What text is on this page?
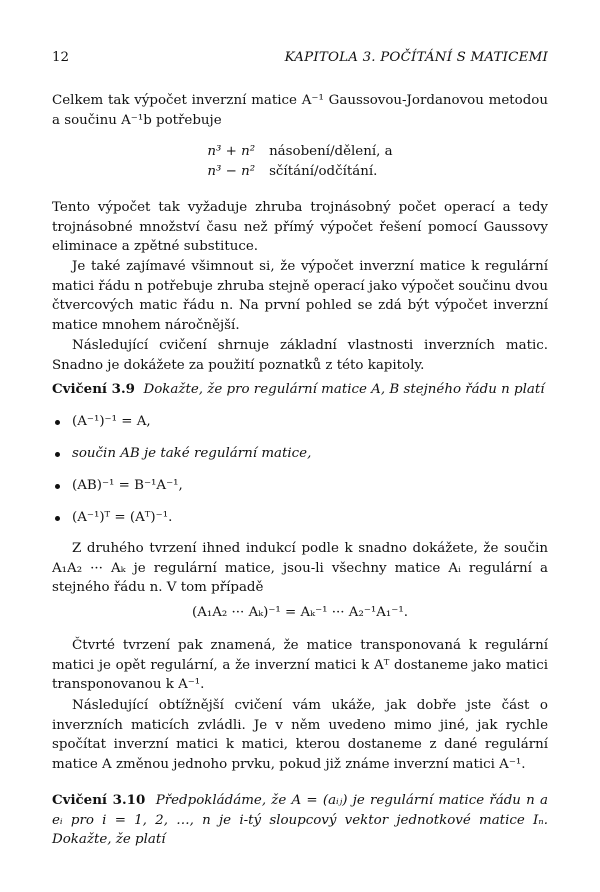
12	KAPITOLA 3. POČÍTÁNÍ S MATICEMI

Celkem tak výpočet inverzní matice A⁻¹ Gaussovou-Jordanovou metodou a součinu A⁻¹b potřebuje

n³ + n²	násobení/dělení, a
n³ − n²	sčítání/odčítání.

Tento výpočet tak vyžaduje zhruba trojnásobný počet operací a tedy trojnásobné množství času než přímý výpočet řešení pomocí Gaussovy eliminace a zpětné substituce.

Je také zajímavé všimnout si, že výpočet inverzní matice k regulární matici řádu n potřebuje zhruba stejně operací jako výpočet součinu dvou čtvercových matic řádu n. Na první pohled se zdá být výpočet inverzní matice mnohem náročnější.

Následující cvičení shrnuje základní vlastnosti inverzních matic. Snadno je dokážete za použití poznatků z této kapitoly.

Cvičení 3.9 Dokažte, že pro regulární matice A, B stejného řádu n platí

(A⁻¹)⁻¹ = A,
součin AB je také regulární matice,
(AB)⁻¹ = B⁻¹A⁻¹,
(A⁻¹)ᵀ = (Aᵀ)⁻¹.

Z druhého tvrzení ihned indukcí podle k snadno dokážete, že součin A₁A₂ ··· Aₖ je regulární matice, jsou-li všechny matice Aᵢ regulární a stejného řádu n. V tom případě

(A₁A₂ ··· Aₖ)⁻¹ = Aₖ⁻¹ ··· A₂⁻¹A₁⁻¹.

Čtvrté tvrzení pak znamená, že matice transponovaná k regulární matici je opět regulární, a že inverzní matici k Aᵀ dostaneme jako matici transponovanou k A⁻¹.

Následující obtížnější cvičení vám ukáže, jak dobře jste část o inverzních maticích zvládli. Je v něm uvedeno mimo jiné, jak rychle spočítat inverzní matici k matici, kterou dostaneme z dané regulární matice A změnou jednoho prvku, pokud již známe inverzní matici A⁻¹.

Cvičení 3.10 Předpokládáme, že A = (aᵢⱼ) je regulární matice řádu n a eᵢ pro i = 1, 2, …, n je i-tý sloupcový vektor jednotkové matice Iₙ. Dokažte, že platí
